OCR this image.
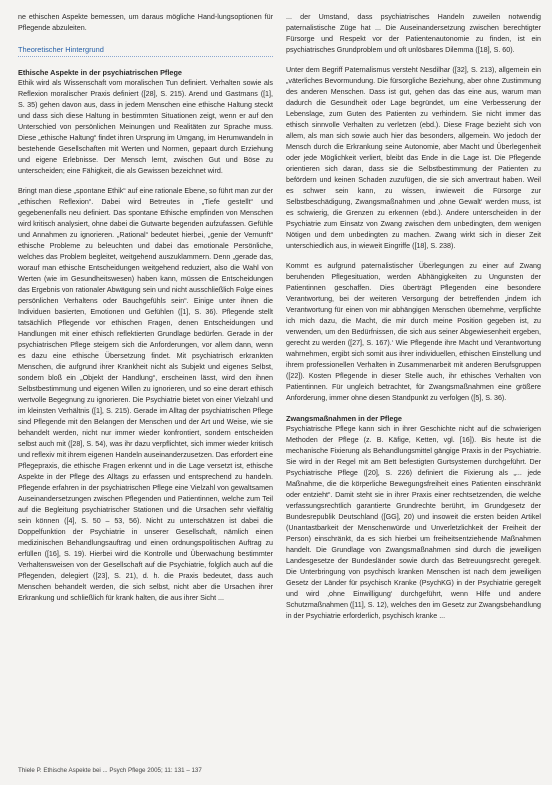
ne ethischen Aspekte bemessen, um daraus mögliche Hand-lungsoptionen für Pflegende abzuleiten.

Theoretischer Hintergrund
Ethische Aspekte in der psychiatrischen Pflege

Ethik wird als Wissenschaft vom moralischen Tun definiert. Verhalten sowie als Reflexion moralischer Praxis definiert ([28], S. 215). Arend und Gastmans ([1], S. 35) gehen davon aus, dass in jedem Menschen eine ethische Haltung steckt und dass sich diese Haltung in bestimmten Situationen zeigt, wenn er auf den Unterschied von persönlichen Meinungen und Realitäten zur Sprache muss. Diese „ethische Haltung“ findet ihren Ursprung im Umgang, im Herumwandeln in bestehende Gesellschaften mit Werten und Normen, gepaart durch Erziehung und eigene Erlebnisse. Der Mensch lernt, zwischen Gut und Böse zu unterscheiden; eine Fähigkeit, die als Gewissen bezeichnet wird.

Bringt man diese „spontane Ethik“ auf eine rationale Ebene, so führt man zur der „ethischen Reflexion“. Dabei wird Betreutes in „Tiefe gestellt“ und gegebenenfalls neu definiert. Das spontane Ethische empfinden von Menschen wird kritisch analysiert, ohne dabei die Gutwarte begenden aufzufassen. Gefühle und Annahmen zu ignorieren. „Rational“ bedeutet hierbei, „genie der Vernunft“ ethische Probleme zu beleuchten und dabei das emotionale Persönliche, welches das Problem begleitet, weitgehend auszuklammern. Denn „gerade das, worauf man ethische Entscheidungen weitgehend reduziert, also die Wahl von Werten (wie im Gesundheitswesen) haben kann, müssen die Entscheidungen das Ergebnis von rationaler Abwägung sein und nicht ausschließlich Folge eines persönlichen Verhaltens oder Bauchgefühls sein“. Einige unter ihnen die Individuen basierten, Emotionen und Gefühlen ([1], S. 36). Pflegende stellt tatsächlich Pflegende vor ethischen Fragen, denen Entscheidungen und Handlungen mit einer ethisch reflektierten Grundlage bedürfen. Gerade in der psychiatrischen Pflege steigern sich die Anforderungen, vor allem dann, wenn es dazu eine ethische Übersetzung findet. Mit psychiatrisch erkrankten Menschen, die aufgrund ihrer Krankheit nicht als Subjekt und eigenes Selbst, sondern bloß ein „Objekt der Handlung“, erscheinen lässt, wird den ihnen Selbstbestimmung und eigenen Willen zu ignorieren, und so eine derart ethisch wertvolle Begegnung zu ignorieren. Die Psychiatrie bietet von einer Vielzahl und im kleinsten Verhältnis ([1], S. 215). Gerade im Alltag der psychiatrischen Pflege sind Pflegende mit den Belangen der Menschen und der Art und Weise, wie sie behandelt werden, nicht nur immer wieder konfrontiert, sondern entscheiden selbst auch mit ([28], S. 54), was ihr dazu verpflichtet, sich immer wieder kritisch und reflexiv mit ihrem eigenen Handeln auseinanderzusetzen. Das erfordert eine Pflegepraxis, die ethische Fragen erkennt und in die Lage versetzt ist, ethische Aspekte in der Pflege des Alltags zu erfassen und entsprechend zu handeln. Pflegende erfahren in der psychiatrischen Pflege eine Vielzahl von gewaltsamen Auseinandersetzungen zwischen Pflegenden und Patientinnen, welche zum Teil auf die Begleitung psychiatrischer Stationen und die Ursachen sehr vielfältig sein können ([4], S. 50 – 53, 56). Nicht zu unterschätzen ist dabei die Doppelfunktion der Psychiatrie in unserer Gesellschaft, nämlich einen medizinischen Behandlungsauftrag und einen ordnungspolitischen Auftrag zu erfüllen ([16], S. 19). Hierbei wird die Kontrolle und Überwachung bestimmter Verhaltensweisen von der Gesellschaft auf die Psychiatrie, folglich auch auf die Pflegenden, delegiert ([23], S. 21), d. h. die Praxis bedeutet, dass auch Menschen behandelt werden, die sich selbst, nicht aber die Ursachen ihrer Erkrankung und schließlich für krank halten, die aus ihrer Sicht ...

... der Umstand, dass psychiatrisches Handeln zuweilen notwendig paternalistische Züge hat ... Die Auseinandersetzung zwischen berechtigter Fürsorge und Respekt vor der Patientenautonomie zu finden, ist ein psychiatrisches Grundproblem und oft unlösbares Dilemma ([18], S. 60).

Unter dem Begriff Paternalismus versteht Nesdilhar ([32], S. 213), allgemein ein „väterliches Bevormundung. Die fürsorgliche Beziehung, aber ohne Zustimmung des anderen Menschen. Dass ist gut, gehen das das eine aus, warum man dadurch die Gesundheit oder Lage begründet, um eine Verbesserung der Lebenslage, zum Guten des Patienten zu verhindern. Sie nicht immer das ethisch sinnvolle Verhalten zu verletzen (ebd.). Diese Frage bezieht sich von allem, als man sich sowie auch hier das besonders, allgemein. Wo jedoch der Mensch durch die Erkrankung seine Autonomie, aber Macht und Überlegenheit oder jede Möglichkeit verliert, bleibt das Ende in die Lage ist. Die Pflegende orientieren sich daran, dass sie die Selbstbestimmung der Patienten zu befördern und keinen Schaden zuzufügen, die sie sich anvertraut haben. Weil es schwer sein kann, zu wissen, inwieweit die Fürsorge zur Selbstbeschädigung, Zwangsmaßnahmen und ‚ohne Gewalt‘ werden muss, ist es schwierig, die Grenzen zu erkennen (ebd.). Andere unterscheiden in der Psychiatrie zum Einsatz von Zwang zwischen dem unbedingten, dem wenigen Nötigen und dem unbedingten zu machen. Zwang wirkt sich in dieser Zeit unterschiedlich aus, in wieweit Eingriffe ([18], S. 238).

Kommt es aufgrund paternalistischer Überlegungen zu einer auf Zwang beruhenden Pflegesituation, werden Abhängigkeiten zu Ungunsten der Patientinnen geschaffen. Dies überträgt Pflegenden eine besondere Verantwortung, bei der weiteren Versorgung der betreffenden „indem ich Verantwortung für einen von mir abhängigen Menschen übernehme, verpflichte ich mich dazu, die Macht, die mir durch meine Position gegeben ist, zu verwenden, um den Bedürfnissen, die sich aus seiner Abgewiesenheit ergeben, gerecht zu werden ([27], S. 167).‘ Wie Pflegende ihre Macht und Verantwortung wahrnehmen, ergibt sich somit aus ihrer individuellen, ethischen Einstellung und ihrem professionellen Verhalten in Zusammenarbeit mit anderen Berufsgruppen ([22]). Kosten Pflegende in dieser Stelle auch, ihr ethisches Verhalten von Patientinnen. Für ungleich betrachtet, für Zwangsmaßnahmen eine größere Anforderung, immer ohne diesen Standpunkt zu verfolgen ([5], S. 36).

Zwangsmaßnahmen in der Pflege

Psychiatrische Pflege kann sich in ihrer Geschichte nicht auf die schwierigen Methoden der Pflege (z. B. Käfige, Ketten, vgl. [16]). Bis heute ist die mechanische Fixierung als Behandlungsmittel gängige Praxis in der Psychiatrie. Sie wird in der Regel mit am Bett befestigten Gurtsystemen durchgeführt. Der Psychiatrische Pflege ([20], S. 226) definiert die Fixierung als „... jede Maßnahme, die die körperliche Bewegungsfreiheit eines Patienten einschränkt oder entzieht“. Damit steht sie in ihrer Praxis einer rechtsetzenden, die welche verfassungsrechtlich garantierte Grundrechte berührt, im Grundgesetz der Bundesrepublik Deutschland ([GG], 20) und insoweit die ersten beiden Artikel (Unantastbarkeit der Menschenwürde und Unverletzlichkeit der Freiheit der Person) einschränkt, da es sich hierbei um freiheitsentziehende Maßnahmen handelt. Die Grundlage von Zwangsmaßnahmen sind durch die jeweiligen Landesgesetze der Bundesländer sowie durch das Betreuungsrecht geregelt. Die Unterbringung von psychisch kranken Menschen ist nach dem jeweiligen Gesetz der Länder für psychisch Kranke (PsychKG) in der Psychiatrie geregelt und wird ‚ohne Einwilligung‘ durchgeführt, wenn Hilfe und andere Schutzmaßnahmen ([11], S. 12), welches den im Gesetz zur Zwangsbehandlung in der Psychiatrie erforderlich, psychisch kranke ...

Thiele P. Ethische Aspekte bei ... Psych Pflege 2005; 11: 131 – 137
